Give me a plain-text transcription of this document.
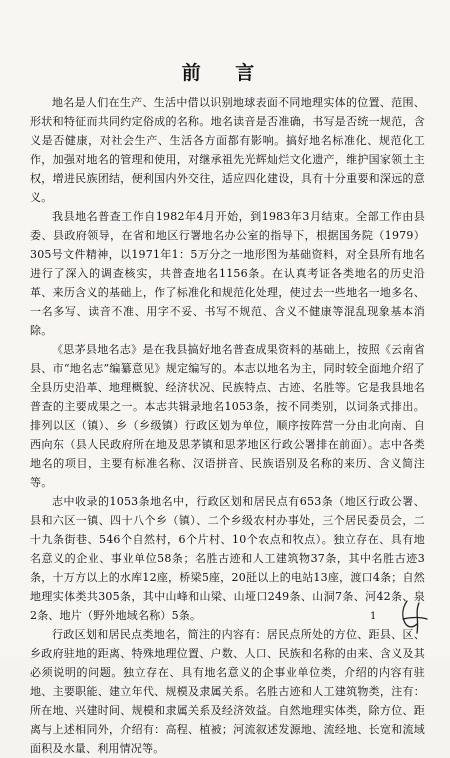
前 言

地名是人们在生产、生活中借以识别地球表面不同地理实体的位置、范围、形状和特征而共同约定俗成的名称。地名读音是否准确，书写是否统一规范，含义是否健康，对社会生产、生活各方面都有影响。搞好地名标准化、规范化工作，加强对地名的管理和使用，对继承祖先光辉灿烂文化遗产，维护国家领土主权，增进民族团结，便利国内外交往，适应四化建设，具有十分重要和深远的意义。

我县地名普查工作自1982年4月开始，到1983年3月结束。全部工作由县委、县政府领导，在省和地区行署地名办公室的指导下，根据国务院（1979）305号文件精神，以1971年1：5万分之一地形图为基础资料，对全县所有地名进行了深入的调查核实，共普查地名1156条。在认真考证各类地名的历史沿革、来历含义的基础上，作了标准化和规范化处理，使过去一些地名一地多名、一名多写、读音不准、用字不妥、书写不规范、含义不健康等混乱现象基本消除。

《思茅县地名志》是在我县搞好地名普查成果资料的基础上，按照《云南省县、市“地名志”编纂意见》规定编写的。本志以地名为主，同时较全面地介绍了全县历史沿革、地理概貌、经济状况、民族特点、古迹、名胜等。它是我县地名普查的主要成果之一。本志共辑录地名1053条，按不同类别，以词条式排出。排列以区（镇）、乡（乡级镇）行政区划为单位，顺序按阵营一分由北向南、自西向东（县人民政府所在地及思茅镇和思茅地区行政公署排在前面）。志中各类地名的项目，主要有标准名称、汉语拼音、民族语别及名称的来历、含义简注等。

志中收录的1053条地名中，行政区划和居民点有653条（地区行政公署、县和六区一镇、四十八个乡（镇）、二个乡级农村办事处，三个居民委员会，二十九条街巷、546个自然村，6个片村、10个农点和牧点）。独立存在、具有地名意义的企业、事业单位58条；名胜古迹和人工建筑物37条，其中名胜古迹3条，十万方以上的水库12座，桥梁5座，20瓩以上的电站13座，渡口4条；自然地理实体类共305条，其中山峰和山梁、山垭口249条、山洞7条、河42条、泉2条、地片（野外地域名称）5条。

行政区划和居民点类地名，简注的内容有：居民点所处的方位、距县、区、乡政府驻地的距离、特殊地理位置、户数、人口、民族和名称的由来、含义及其必须说明的问题。独立存在、具有地名意义的企事业单位类，介绍的内容有驻地、主要职能、建立年代、规模及隶属关系。名胜古迹和人工建筑物类，注有：所在地、兴建时间、规模和隶属关系及经济效益。自然地理实体类，除方位、距离与上述相同外，介绍有：高程、植被；河流叙述发源地、流经地、长宽和流域面积及水量、利用情况等。

1
